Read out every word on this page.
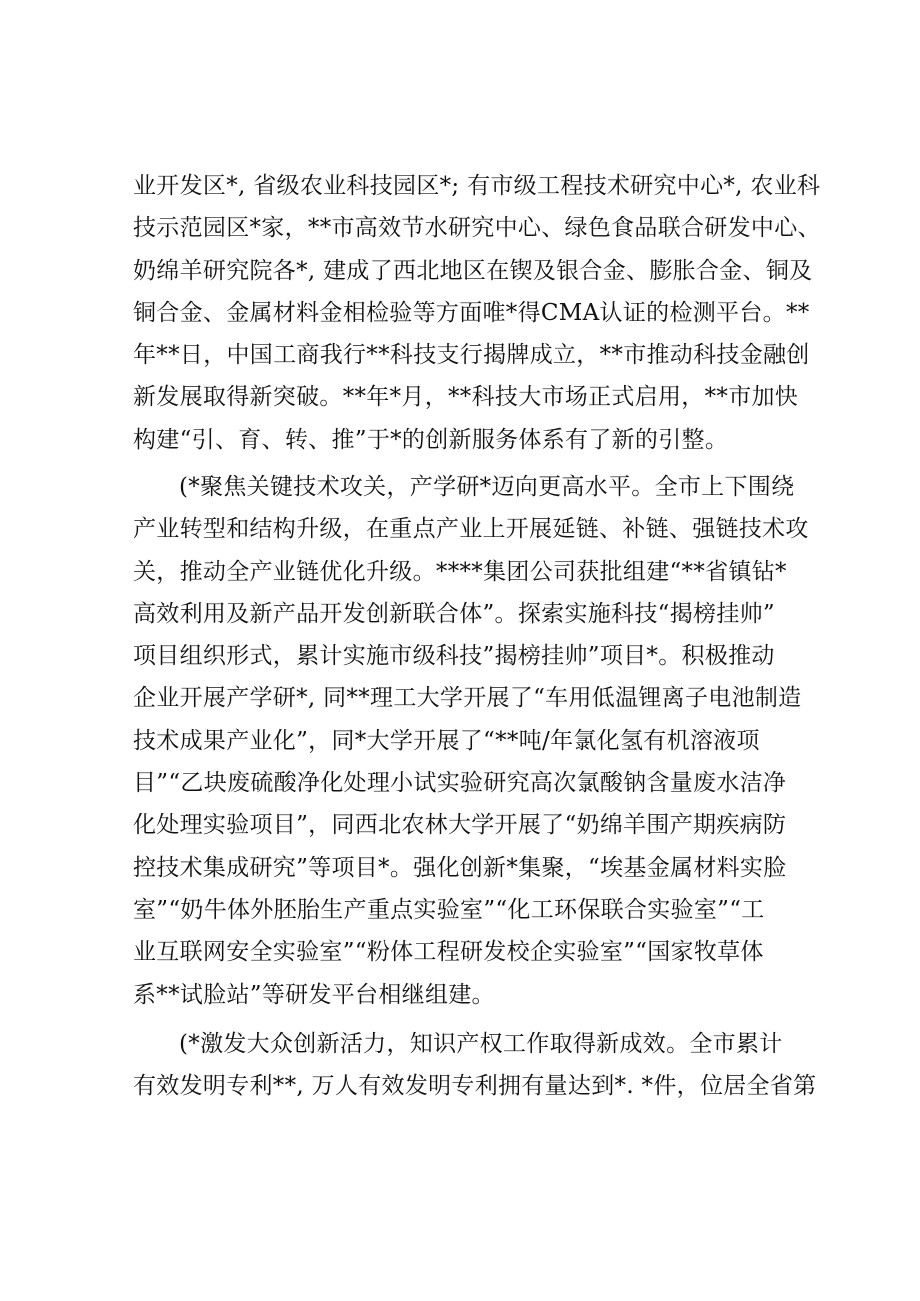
业开发区*, 省级农业科技园区*; 有市级工程技术研究中心*, 农业科
技示范园区*家，**市高效节水研究中心、绿色食品联合研发中心、
奶绵羊研究院各*, 建成了西北地区在锲及银合金、膨胀合金、铜及
铜合金、金属材料金相检验等方面唯*得CMA认证的检测平台。**
年**日，中国工商我行**科技支行揭牌成立，**市推动科技金融创
新发展取得新突破。**年*月，**科技大市场正式启用，**市加快
构建“引、育、转、推”于*的创新服务体系有了新的引整。
(*聚焦关键技术攻关，产学研*迈向更高水平。全市上下围绕
产业转型和结构升级，在重点产业上开展延链、补链、强链技术攻
关，推动全产业链优化升级。****集团公司获批组建“**省镇钻*
高效利用及新产品开发创新联合体”。探索实施科技“揭榜挂帅”
项目组织形式，累计实施市级科技”揭榜挂帅”项目*。积极推动
企业开展产学研*, 同**理工大学开展了“车用低温锂离子电池制造
技术成果产业化”，同*大学开展了“**吨/年氯化氢有机溶液项
目”“乙块废硫酸净化处理小试实验研究高次氯酸钠含量废水洁净
化处理实验项目”，同西北农林大学开展了“奶绵羊围产期疾病防
控技术集成研究”等项目*。强化创新*集聚，“埃基金属材料实脸
室”“奶牛体外胚胎生产重点实验室”“化工环保联合实验室”“工
业互联网安全实验室”“粉体工程研发校企实验室”“国家牧草体
系**试脸站”等研发平台相继组建。
(*激发大众创新活力，知识产权工作取得新成效。全市累计
有效发明专利**, 万人有效发明专利拥有量达到*. *件，位居全省第
